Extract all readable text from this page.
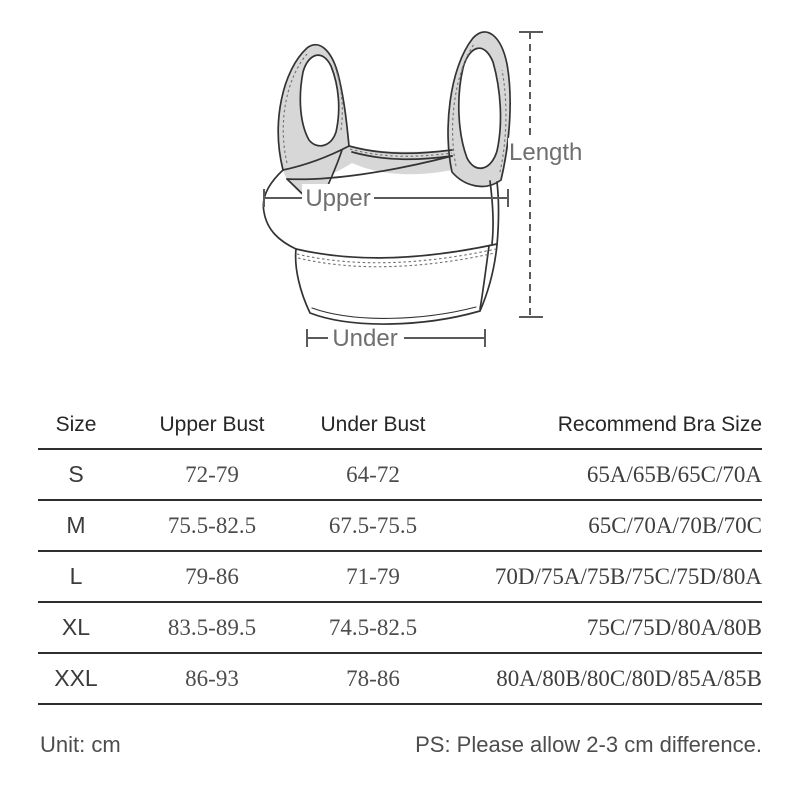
Length
Upper
Under
Size	Upper Bust	Under Bust	Recommend Bra Size
S	72-79	64-72	65A/65B/65C/70A
M	75.5-82.5	67.5-75.5	65C/70A/70B/70C
L	79-86	71-79	70D/75A/75B/75C/75D/80A
XL	83.5-89.5	74.5-82.5	75C/75D/80A/80B
XXL	86-93	78-86	80A/80B/80C/80D/85A/85B
Unit: cm	PS: Please allow 2-3 cm difference.
